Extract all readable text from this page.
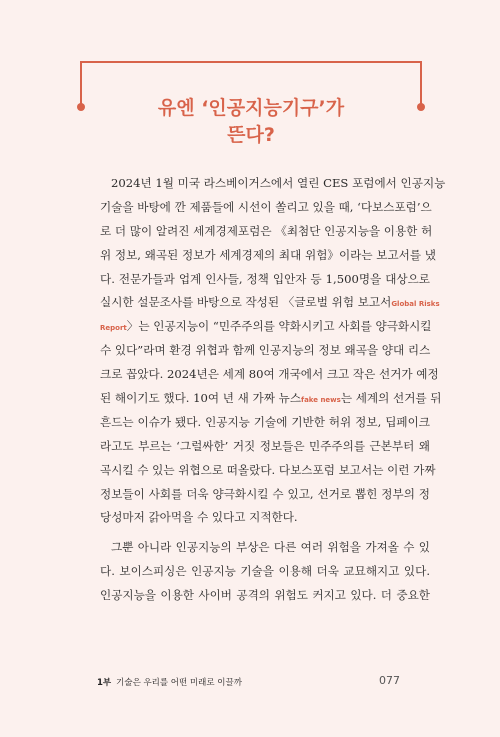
유엔 ‘인공지능기구’가
뜬다?
2024년 1월 미국 라스베이거스에서 열린 CES 포럼에서 인공지능
기술을 바탕에 깐 제품들에 시선이 쏠리고 있을 때, ‘다보스포럼’으
로 더 많이 알려진 세계경제포럼은 《최첨단 인공지능을 이용한 허
위 정보, 왜곡된 정보가 세계경제의 최대 위험》이라는 보고서를 냈
다. 전문가들과 업계 인사들, 정책 입안자 등 1,500명을 대상으로
실시한 설문조사를 바탕으로 작성된 〈글로벌 위험 보고서Global Risks
Report〉는 인공지능이 “민주주의를 약화시키고 사회를 양극화시킬
수 있다”라며 환경 위협과 함께 인공지능의 정보 왜곡을 양대 리스
크로 꼽았다. 2024년은 세계 80여 개국에서 크고 작은 선거가 예정
된 해이기도 했다. 10여 년 새 가짜 뉴스fake news는 세계의 선거를 뒤
흔드는 이슈가 됐다. 인공지능 기술에 기반한 허위 정보, 딥페이크
라고도 부르는 ‘그럴싸한’ 거짓 정보들은 민주주의를 근본부터 왜
곡시킬 수 있는 위협으로 떠올랐다. 다보스포럼 보고서는 이런 가짜
정보들이 사회를 더욱 양극화시킬 수 있고, 선거로 뽑힌 정부의 정
당성마저 갉아먹을 수 있다고 지적한다.
그뿐 아니라 인공지능의 부상은 다른 여러 위험을 가져올 수 있
다. 보이스피싱은 인공지능 기술을 이용해 더욱 교묘해지고 있다.
인공지능을 이용한 사이버 공격의 위험도 커지고 있다. 더 중요한
1부 기술은 우리를 어떤 미래로 이끌까	077
